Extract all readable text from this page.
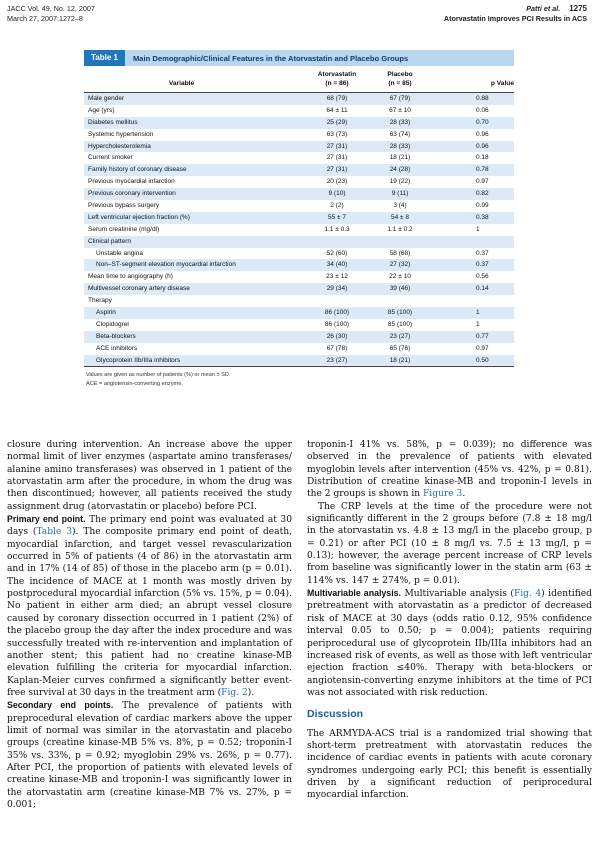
JACC Vol. 49, No. 12, 2007
March 27, 2007:1272–8
Patti et al. 1275
Atorvastatin Improves PCI Results in ACS
Table 1	Main Demographic/Clinical Features in the Atorvastatin and Placebo Groups
Variable
Atorvastatin
(n = 86)
Placebo
(n = 85)	p Value
Male gender	68 (79)	67 (79)	0.88
Age (yrs)	64 ± 11	67 ± 10	0.06
Diabetes mellitus	25 (29)	28 (33)	0.70
Systemic hypertension	63 (73)	63 (74)	0.96
Hypercholesterolemia	27 (31)	28 (33)	0.96
Current smoker	27 (31)	18 (21)	0.18
Family history of coronary disease	27 (31)	24 (28)	0.78
Previous myocardial infarction	20 (23)	19 (22)	0.97
Previous coronary intervention	9 (10)	9 (11)	0.82
Previous bypass surgery	2 (2)	3 (4)	0.99
Left ventricular ejection fraction (%)	55 ± 7	54 ± 8	0.38
Serum creatinine (mg/dl)	1.1 ± 0.3	1.1 ± 0.2	1
Clinical pattern
Unstable angina	52 (60)	58 (68)	0.37
Non–ST-segment elevation myocardial infarction	34 (40)	27 (32)	0.37
Mean time to angiography (h)	23 ± 12	22 ± 10	0.56
Multivessel coronary artery disease	29 (34)	39 (46)	0.14
Therapy
Aspirin	86 (100)	85 (100)	1
Clopidogrel	86 (100)	85 (100)	1
Beta-blockers	26 (30)	23 (27)	0.77
ACE inhibitors	67 (78)	65 (76)	0.97
Glycoprotein IIb/IIIa inhibitors	23 (27)	18 (21)	0.50
Values are given as number of patients (%) or mean ± SD.
ACE = angiotensin-converting enzyme.

closure during intervention. An increase above the upper normal limit of liver enzymes (aspartate amino transferases/ alanine amino transferases) was observed in 1 patient of the atorvastatin arm after the procedure, in whom the drug was then discontinued; however, all patients received the study assignment drug (atorvastatin or placebo) before PCI.

Primary end point. The primary end point was evaluated at 30 days (Table 3). The composite primary end point of death, myocardial infarction, and target vessel revascularization occurred in 5% of patients (4 of 86) in the atorvastatin arm and in 17% (14 of 85) of those in the placebo arm (p = 0.01). The incidence of MACE at 1 month was mostly driven by postprocedural myocardial infarction (5% vs. 15%, p = 0.04). No patient in either arm died; an abrupt vessel closure caused by coronary dissection occurred in 1 patient (2%) of the placebo group the day after the index procedure and was successfully treated with re-intervention and implantation of another stent; this patient had no creatine kinase-MB elevation fulfilling the criteria for myocardial infarction. Kaplan-Meier curves confirmed a significantly better event-free survival at 30 days in the treatment arm (Fig. 2).

Secondary end points. The prevalence of patients with preprocedural elevation of cardiac markers above the upper limit of normal was similar in the atorvastatin and placebo groups (creatine kinase-MB 5% vs. 8%, p = 0.52; troponin-I 35% vs. 33%, p = 0.92; myoglobin 29% vs. 26%, p = 0.77). After PCI, the proportion of patients with elevated levels of creatine kinase-MB and troponin-I was significantly lower in the atorvastatin arm (creatine kinase-MB 7% vs. 27%, p = 0.001;

troponin-I 41% vs. 58%, p = 0.039); no difference was observed in the prevalence of patients with elevated myoglobin levels after intervention (45% vs. 42%, p = 0.81). Distribution of creatine kinase-MB and troponin-I levels in the 2 groups is shown in Figure 3.

The CRP levels at the time of the procedure were not significantly different in the 2 groups before (7.8 ± 18 mg/l in the atorvastatin vs. 4.8 ± 13 mg/l in the placebo group, p = 0.21) or after PCI (10 ± 8 mg/l vs. 7.5 ± 13 mg/l, p = 0.13); however, the average percent increase of CRP levels from baseline was significantly lower in the statin arm (63 ± 114% vs. 147 ± 274%, p = 0.01).

Multivariable analysis. Multivariable analysis (Fig. 4) identified pretreatment with atorvastatin as a predictor of decreased risk of MACE at 30 days (odds ratio 0.12, 95% confidence interval 0.05 to 0.50; p = 0.004); patients requiring periprocedural use of glycoprotein IIb/IIIa inhibitors had an increased risk of events, as well as those with left ventricular ejection fraction ≤40%. Therapy with beta-blockers or angiotensin-converting enzyme inhibitors at the time of PCI was not associated with risk reduction.

Discussion

The ARMYDA-ACS trial is a randomized trial showing that short-term pretreatment with atorvastatin reduces the incidence of cardiac events in patients with acute coronary syndromes undergoing early PCI; this benefit is essentially driven by a significant reduction of periprocedural myocardial infarction.
